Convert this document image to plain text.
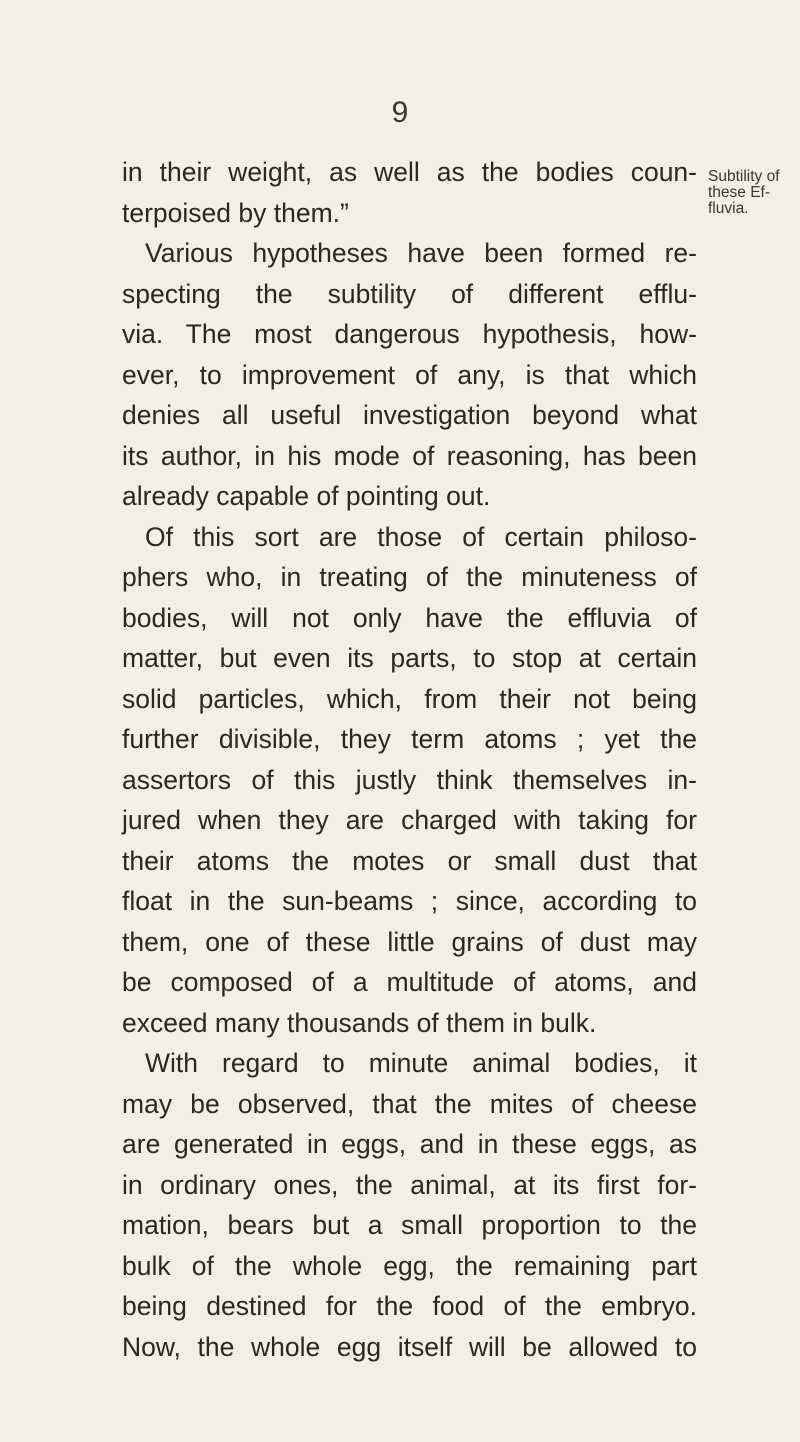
9
Subtility of
these Ef-
fluvia.
in their weight, as well as the bodies coun-
terpoised by them.”
Various hypotheses have been formed re-
specting the subtility of different efflu-
via. The most dangerous hypothesis, how-
ever, to improvement of any, is that which
denies all useful investigation beyond what
its author, in his mode of reasoning, has been
already capable of pointing out.
Of this sort are those of certain philoso-
phers who, in treating of the minuteness of
bodies, will not only have the effluvia of
matter, but even its parts, to stop at certain
solid particles, which, from their not being
further divisible, they term atoms ; yet the
assertors of this justly think themselves in-
jured when they are charged with taking for
their atoms the motes or small dust that
float in the sun-beams ; since, according to
them, one of these little grains of dust may
be composed of a multitude of atoms, and
exceed many thousands of them in bulk.
With regard to minute animal bodies, it
may be observed, that the mites of cheese
are generated in eggs, and in these eggs, as
in ordinary ones, the animal, at its first for-
mation, bears but a small proportion to the
bulk of the whole egg, the remaining part
being destined for the food of the embryo.
Now, the whole egg itself will be allowed to
